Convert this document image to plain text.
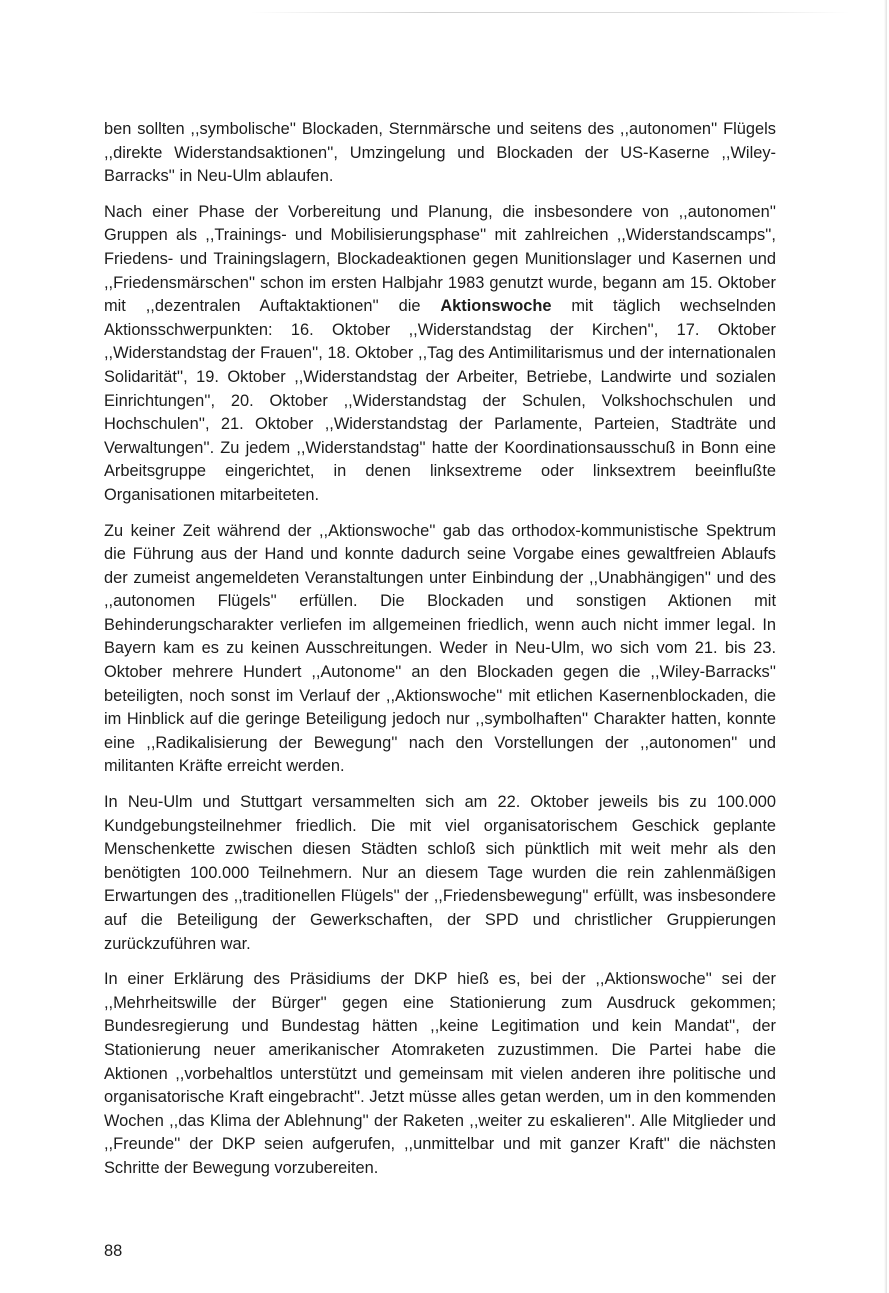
ben sollten ,,symbolische'' Blockaden, Sternmärsche und seitens des ,,autonomen'' Flügels ,,direkte Widerstandsaktionen'', Umzingelung und Blockaden der US-Kaserne ,,Wiley-Barracks'' in Neu-Ulm ablaufen.

Nach einer Phase der Vorbereitung und Planung, die insbesondere von ,,autonomen'' Gruppen als ,,Trainings- und Mobilisierungsphase'' mit zahlreichen ,,Widerstandscamps'', Friedens- und Trainingslagern, Blockadeaktionen gegen Munitionslager und Kasernen und ,,Friedensmärschen'' schon im ersten Halbjahr 1983 genutzt wurde, begann am 15. Oktober mit ,,dezentralen Auftaktaktionen'' die Aktionswoche mit täglich wechselnden Aktionsschwerpunkten: 16. Oktober ,,Widerstandstag der Kirchen'', 17. Oktober ,,Widerstandstag der Frauen'', 18. Oktober ,,Tag des Antimilitarismus und der internationalen Solidarität'', 19. Oktober ,,Widerstandstag der Arbeiter, Betriebe, Landwirte und sozialen Einrichtungen'', 20. Oktober ,,Widerstandstag der Schulen, Volkshochschulen und Hochschulen'', 21. Oktober ,,Widerstandstag der Parlamente, Parteien, Stadträte und Verwaltungen''. Zu jedem ,,Widerstandstag'' hatte der Koordinationsausschuß in Bonn eine Arbeitsgruppe eingerichtet, in denen linksextreme oder linksextrem beeinflußte Organisationen mitarbeiteten.

Zu keiner Zeit während der ,,Aktionswoche'' gab das orthodox-kommunistische Spektrum die Führung aus der Hand und konnte dadurch seine Vorgabe eines gewaltfreien Ablaufs der zumeist angemeldeten Veranstaltungen unter Einbindung der ,,Unabhängigen'' und des ,,autonomen Flügels'' erfüllen. Die Blockaden und sonstigen Aktionen mit Behinderungscharakter verliefen im allgemeinen friedlich, wenn auch nicht immer legal. In Bayern kam es zu keinen Ausschreitungen. Weder in Neu-Ulm, wo sich vom 21. bis 23. Oktober mehrere Hundert ,,Autonome'' an den Blockaden gegen die ,,Wiley-Barracks'' beteiligten, noch sonst im Verlauf der ,,Aktionswoche'' mit etlichen Kasernenblockaden, die im Hinblick auf die geringe Beteiligung jedoch nur ,,symbolhaften'' Charakter hatten, konnte eine ,,Radikalisierung der Bewegung'' nach den Vorstellungen der ,,autonomen'' und militanten Kräfte erreicht werden.

In Neu-Ulm und Stuttgart versammelten sich am 22. Oktober jeweils bis zu 100.000 Kundgebungsteilnehmer friedlich. Die mit viel organisatorischem Geschick geplante Menschenkette zwischen diesen Städten schloß sich pünktlich mit weit mehr als den benötigten 100.000 Teilnehmern. Nur an diesem Tage wurden die rein zahlenmäßigen Erwartungen des ,,traditionellen Flügels'' der ,,Friedensbewegung'' erfüllt, was insbesondere auf die Beteiligung der Gewerkschaften, der SPD und christlicher Gruppierungen zurückzuführen war.

In einer Erklärung des Präsidiums der DKP hieß es, bei der ,,Aktionswoche'' sei der ,,Mehrheitswille der Bürger'' gegen eine Stationierung zum Ausdruck gekommen; Bundesregierung und Bundestag hätten ,,keine Legitimation und kein Mandat'', der Stationierung neuer amerikanischer Atomraketen zuzustimmen. Die Partei habe die Aktionen ,,vorbehaltlos unterstützt und gemeinsam mit vielen anderen ihre politische und organisatorische Kraft eingebracht''. Jetzt müsse alles getan werden, um in den kommenden Wochen ,,das Klima der Ablehnung'' der Raketen ,,weiter zu eskalieren''. Alle Mitglieder und ,,Freunde'' der DKP seien aufgerufen, ,,unmittelbar und mit ganzer Kraft'' die nächsten Schritte der Bewegung vorzubereiten.

88
